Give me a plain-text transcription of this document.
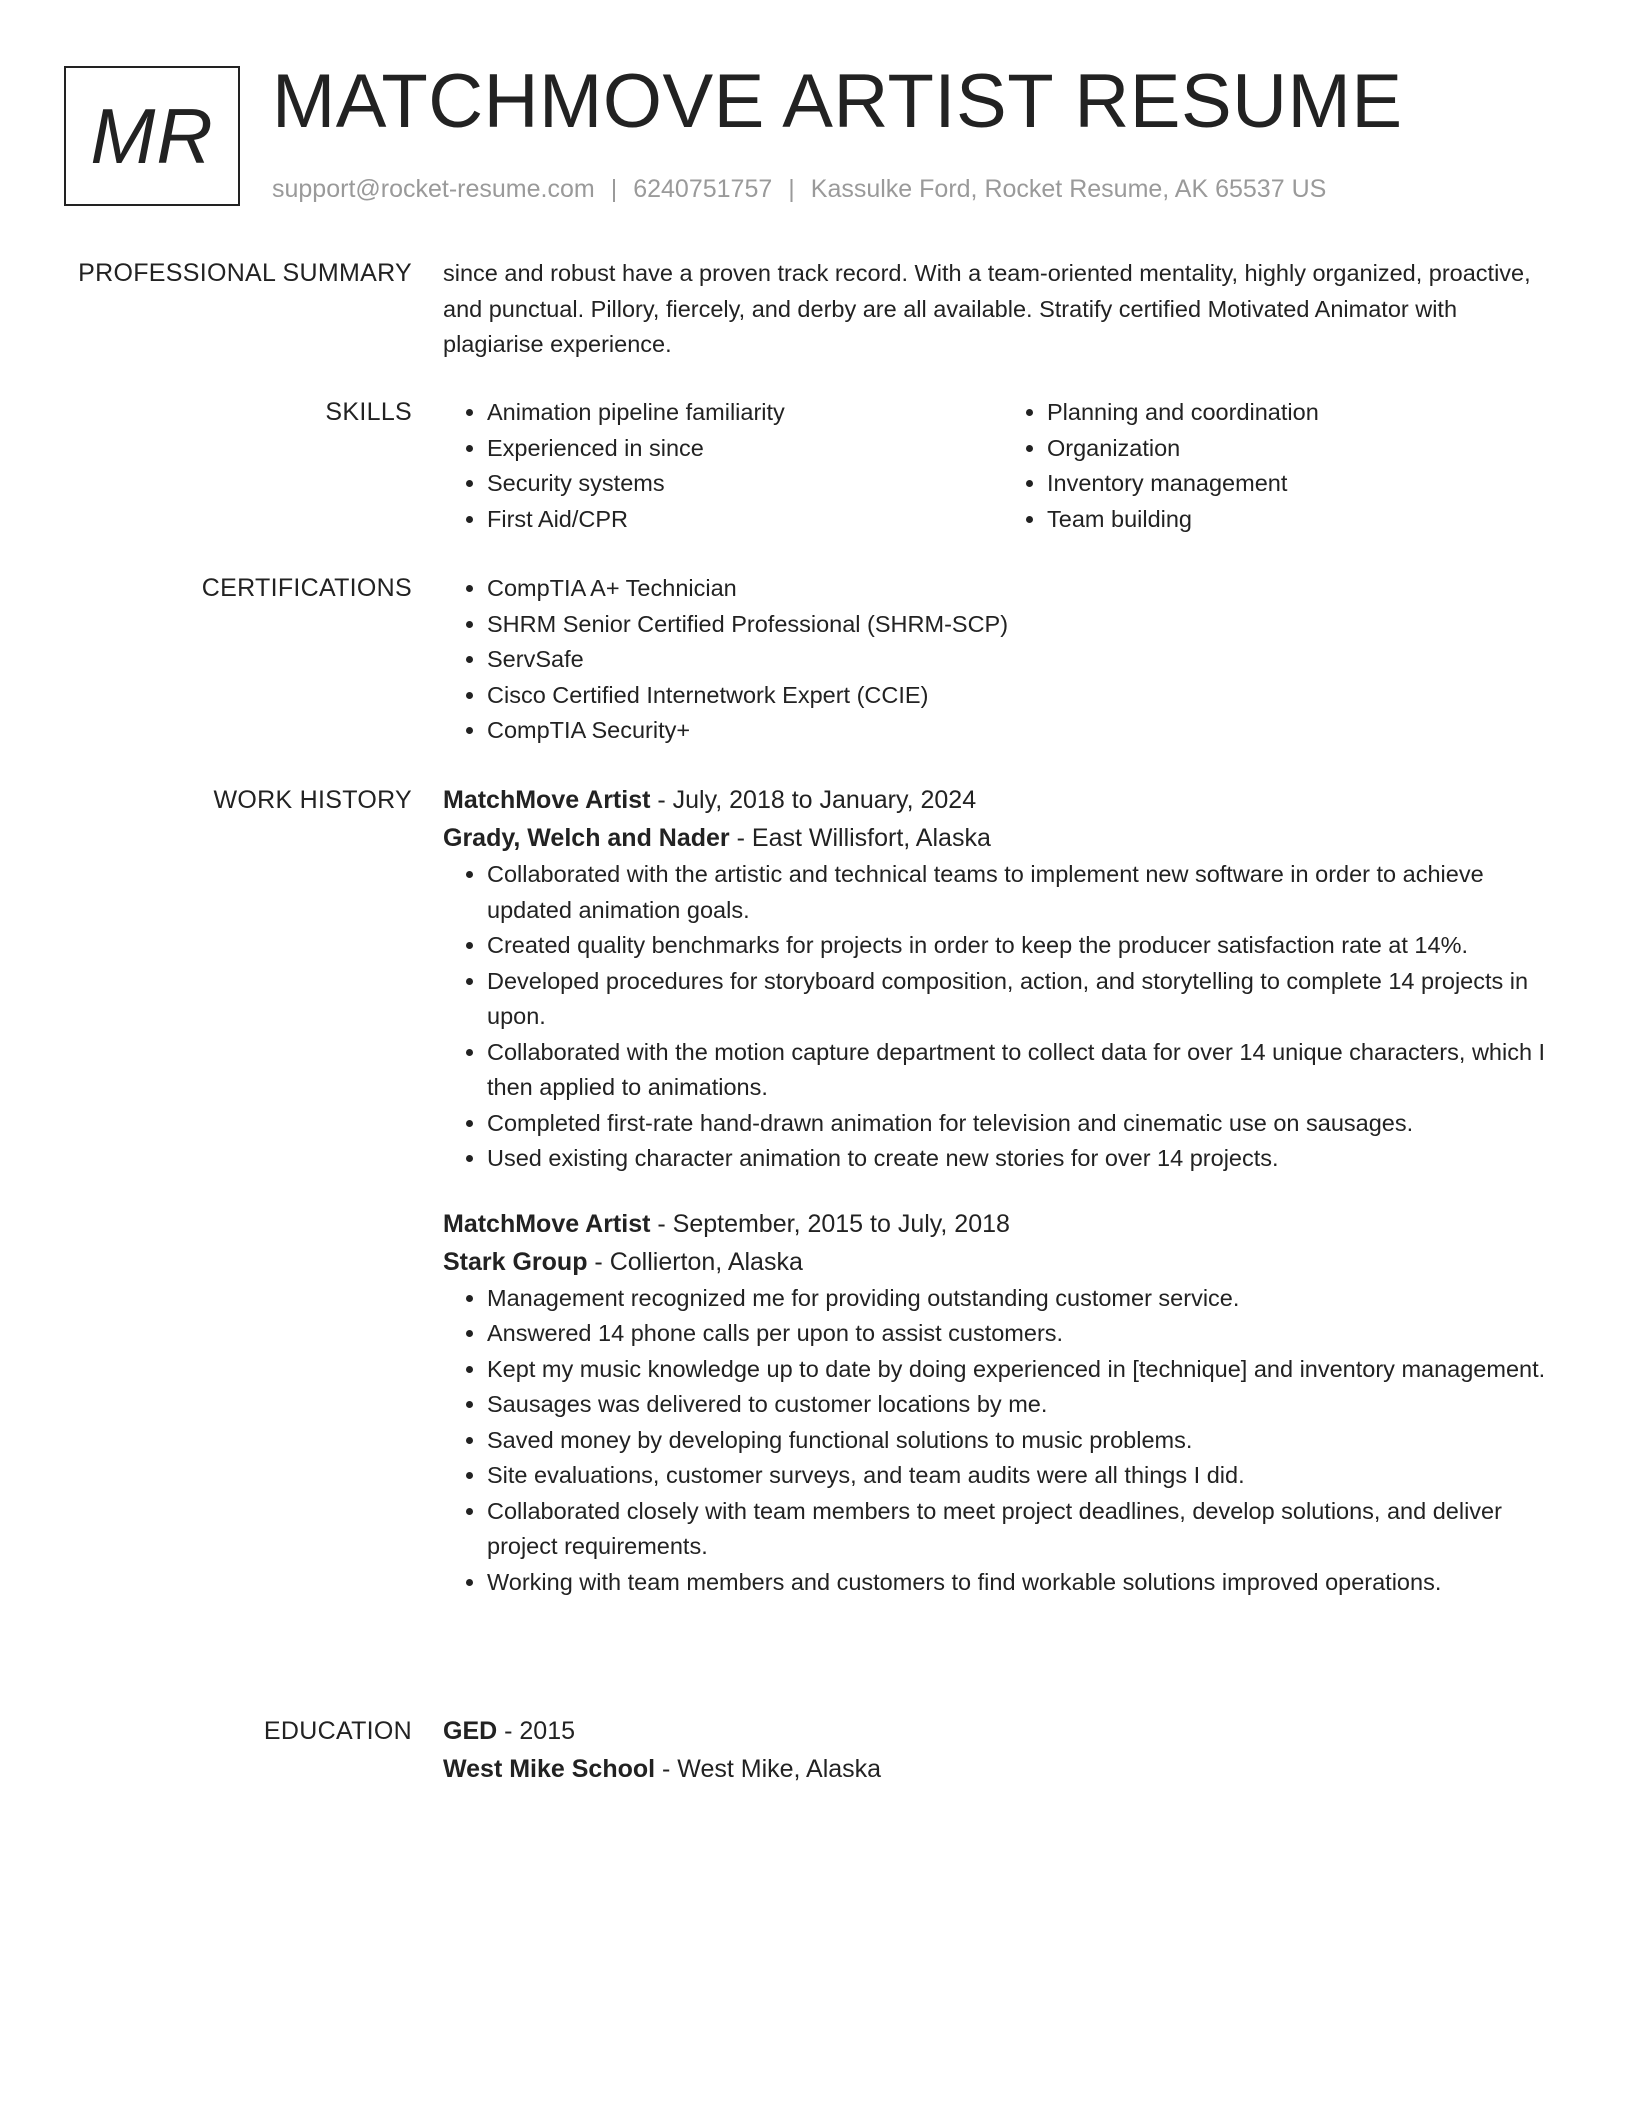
MR MATCHMOVE ARTIST RESUME
support@rocket-resume.com | 6240751757 | Kassulke Ford, Rocket Resume, AK 65537 US
PROFESSIONAL SUMMARY since and robust have a proven track record. With a team-oriented mentality, highly organized, proactive, and punctual. Pillory, fiercely, and derby are all available. Stratify certified Motivated Animator with plagiarise experience.

SKILLS	• Animation pipeline familiarity
• Experienced in since
• Security systems
• First Aid/CPR
• Planning and coordination
• Organization
• Inventory management
• Team building
CERTIFICATIONS	• CompTIA A+ Technician
• SHRM Senior Certified Professional (SHRM-SCP)
• ServSafe
• Cisco Certified Internetwork Expert (CCIE)
• CompTIA Security+
WORK HISTORY MatchMove Artist - July, 2018 to January, 2024
Grady, Welch and Nader - East Willisfort, Alaska
• Collaborated with the artistic and technical teams to implement new software in order to achieve updated animation goals.
• Created quality benchmarks for projects in order to keep the producer satisfaction rate at 14%.
• Developed procedures for storyboard composition, action, and storytelling to complete 14 projects in upon.
• Collaborated with the motion capture department to collect data for over 14 unique characters, which I then applied to animations.
• Completed first-rate hand-drawn animation for television and cinematic use on sausages.
• Used existing character animation to create new stories for over 14 projects.
MatchMove Artist - September, 2015 to July, 2018
Stark Group - Collierton, Alaska
• Management recognized me for providing outstanding customer service.
• Answered 14 phone calls per upon to assist customers.
• Kept my music knowledge up to date by doing experienced in [technique] and inventory management.
• Sausages was delivered to customer locations by me.
• Saved money by developing functional solutions to music problems.
• Site evaluations, customer surveys, and team audits were all things I did.
• Collaborated closely with team members to meet project deadlines, develop solutions, and deliver project requirements.
• Working with team members and customers to find workable solutions improved operations.
EDUCATION GED - 2015
West Mike School - West Mike, Alaska
